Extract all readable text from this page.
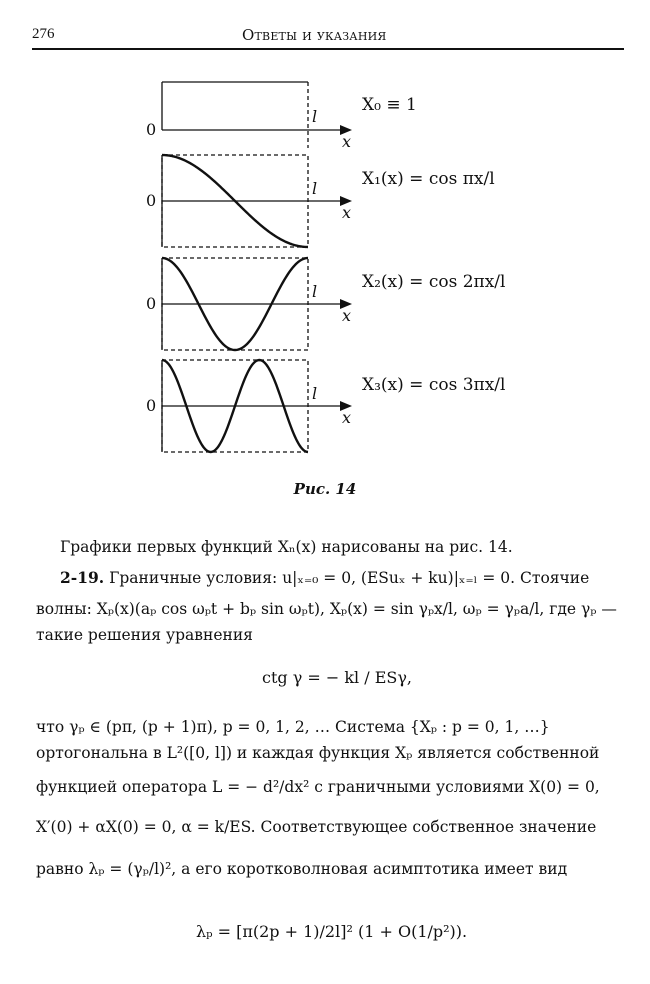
276	Ответы и указания
0
l
x
0
l
x
0
l
x
0
l
x
X₀ ≡ 1
X₁(x) = cos πx/l
X₂(x) = cos 2πx/l
X₃(x) = cos 3πx/l
Рис. 14
Графики первых функций Xₙ(x) нарисованы на рис. 14.
2-19. Граничные условия: u|ₓ₌₀ = 0, (ESuₓ + ku)|ₓ₌ₗ = 0. Стоячие
волны: Xₚ(x)(aₚ cos ωₚt + bₚ sin ωₚt), Xₚ(x) = sin γₚx/l, ωₚ = γₚa/l, где γₚ —
такие решения уравнения
ctg γ = − kl / ESγ,
что γₚ ∈ (pπ, (p + 1)π), p = 0, 1, 2, … Система {Xₚ : p = 0, 1, …}
ортогональна в L²([0, l]) и каждая функция Xₚ является собственной
функцией оператора L = − d²/dx² с граничными условиями X(0) = 0,
X′(0) + αX(0) = 0, α = k/ES. Соответствующее собственное значение
равно λₚ = (γₚ/l)², а его коротковолновая асимптотика имеет вид
λₚ = [π(2p + 1)/2l]² (1 + O(1/p²)).
